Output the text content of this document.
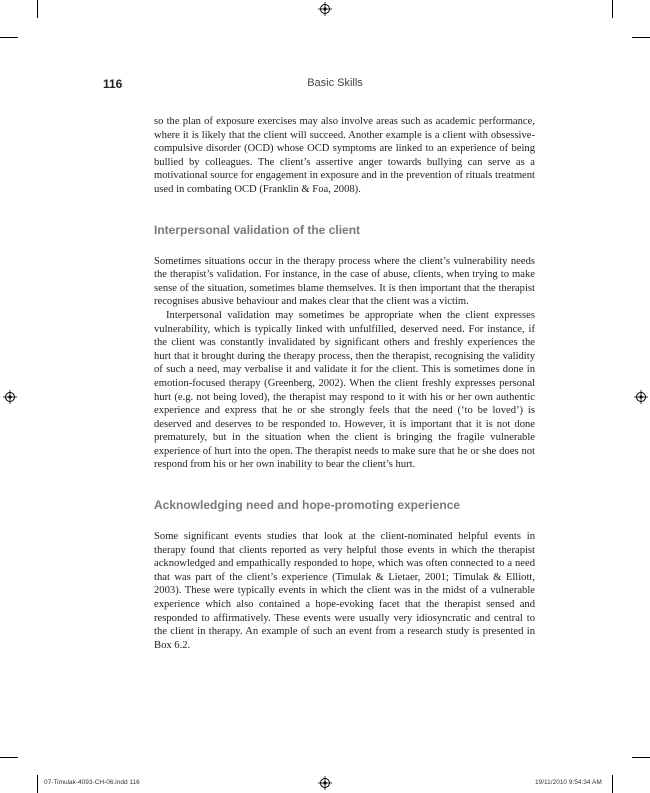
116	Basic Skills

so the plan of exposure exercises may also involve areas such as academic performance, where it is likely that the client will succeed. Another example is a client with obsessive-compulsive disorder (OCD) whose OCD symptoms are linked to an experience of being bullied by colleagues. The client’s assertive anger towards bullying can serve as a motivational source for engagement in exposure and in the prevention of rituals treatment used in combating OCD (Franklin & Foa, 2008).

Interpersonal validation of the client

Sometimes situations occur in the therapy process where the client’s vulnerability needs the therapist’s validation. For instance, in the case of abuse, clients, when trying to make sense of the situation, sometimes blame themselves. It is then important that the therapist recognises abusive behaviour and makes clear that the client was a victim.

Interpersonal validation may sometimes be appropriate when the client expresses vulnerability, which is typically linked with unfulfilled, deserved need. For instance, if the client was constantly invalidated by significant others and freshly experiences the hurt that it brought during the therapy process, then the therapist, recognising the validity of such a need, may verbalise it and validate it for the client. This is sometimes done in emotion-focused therapy (Greenberg, 2002). When the client freshly expresses personal hurt (e.g. not being loved), the therapist may respond to it with his or her own authentic experience and express that he or she strongly feels that the need (‘to be loved’) is deserved and deserves to be responded to. However, it is important that it is not done prematurely, but in the situation when the client is bringing the fragile vulnerable experience of hurt into the open. The therapist needs to make sure that he or she does not respond from his or her own inability to bear the client’s hurt.

Acknowledging need and hope-promoting experience

Some significant events studies that look at the client-nominated helpful events in therapy found that clients reported as very helpful those events in which the therapist acknowledged and empathically responded to hope, which was often connected to a need that was part of the client’s experience (Timulak & Lietaer, 2001; Timulak & Elliott, 2003). These were typically events in which the client was in the midst of a vulnerable experience which also contained a hope-evoking facet that the therapist sensed and responded to affirmatively. These events were usually very idiosyncratic and central to the client in therapy. An example of such an event from a research study is presented in Box 6.2.

07-Timulak-4093-CH-06.indd 116	19/11/2010 9:54:34 AM
